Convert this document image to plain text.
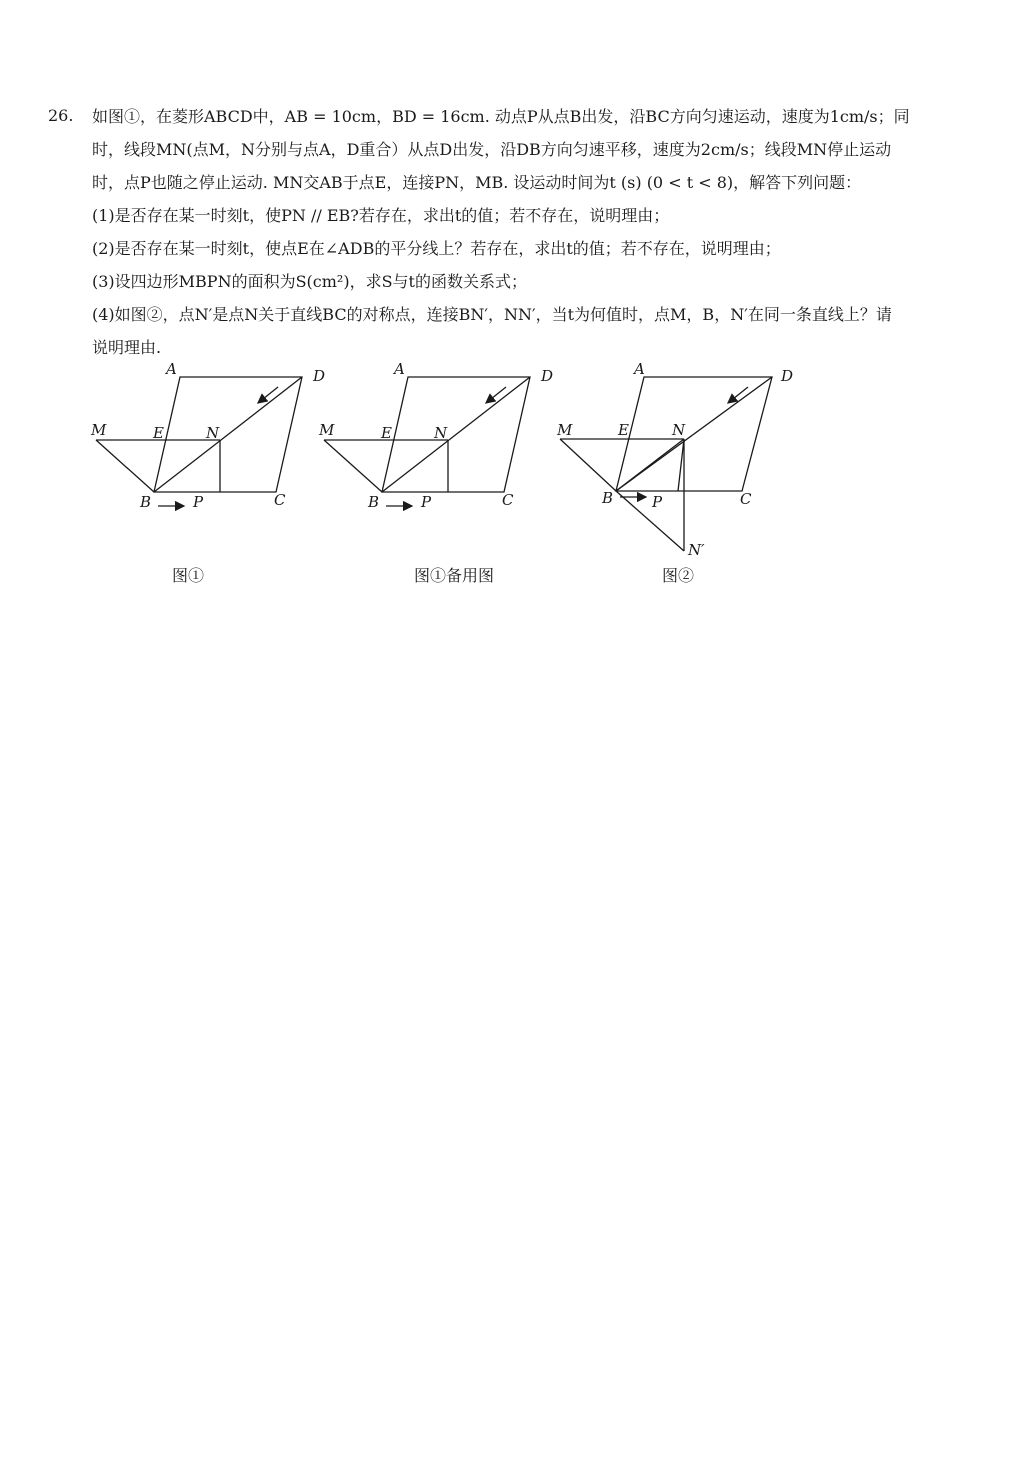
26. 如图①，在菱形ABCD中，AB = 10cm，BD = 16cm. 动点P从点B出发，沿BC方向匀速运动，速度为1cm/s；同
时，线段MN(点M，N分别与点A，D重合）从点D出发，沿DB方向匀速平移，速度为2cm/s；线段MN停止运动
时，点P也随之停止运动. MN交AB于点E，连接PN，MB. 设运动时间为t (s) (0 < t < 8)，解答下列问题：
(1)是否存在某一时刻t，使PN // EB?若存在，求出t的值；若不存在，说明理由；
(2)是否存在某一时刻t，使点E在∠ADB的平分线上？若存在，求出t的值；若不存在，说明理由；
(3)设四边形MBPN的面积为S(cm²)，求S与t的函数关系式；
(4)如图②，点N′是点N关于直线BC的对称点，连接BN′，NN′，当t为何值时，点M，B，N′在同一条直线上？请
说明理由.
A	D
M	E	N
B	P	C
图①
A	D
M	E	N
B	P	C
图①备用图
A	D
M	E	N
B	P	C
N′
图②
